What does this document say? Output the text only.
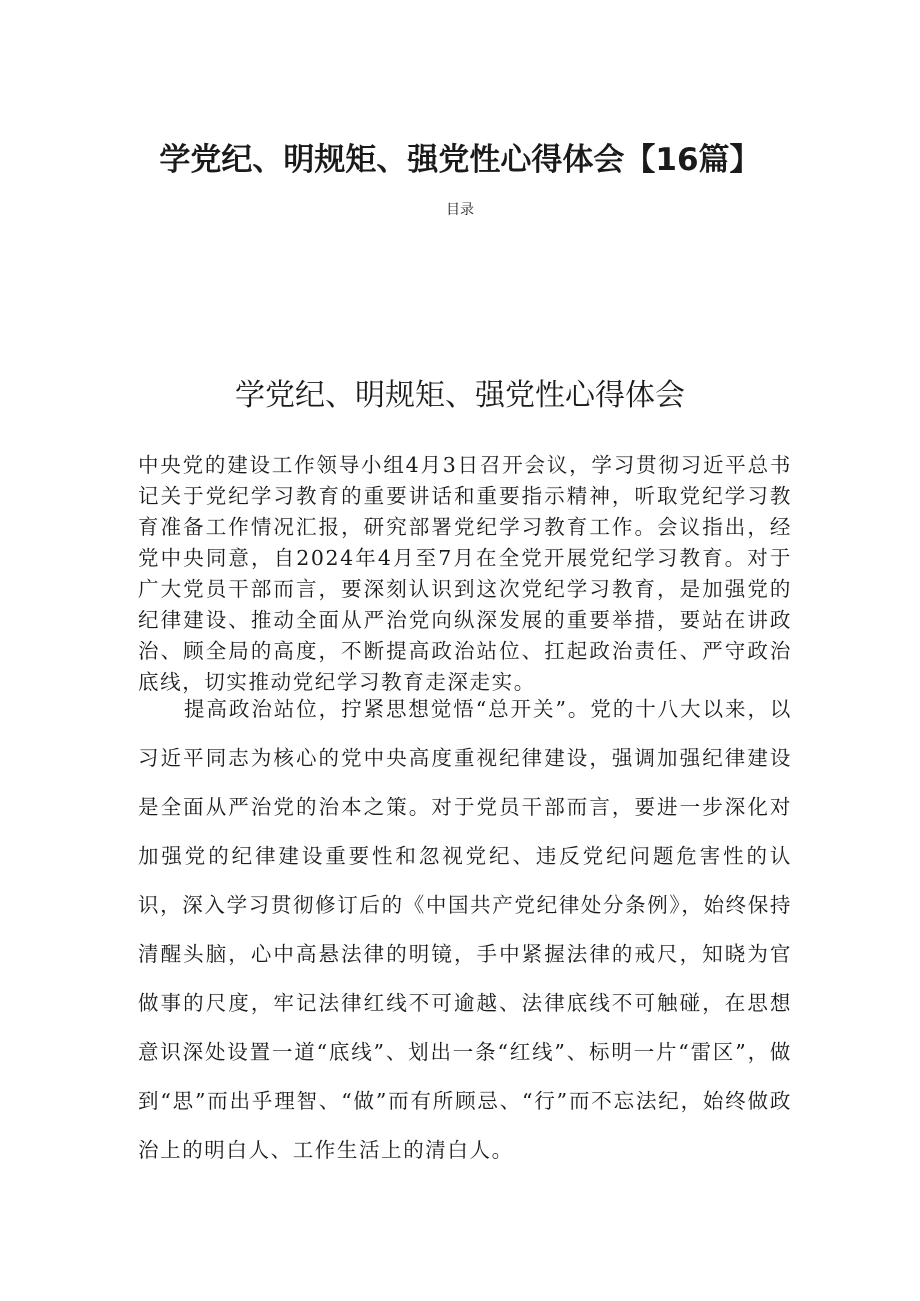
学党纪、明规矩、强党性心得体会【16篇】
目录
学党纪、明规矩、强党性心得体会

中央党的建设工作领导小组4月3日召开会议，学习贯彻习近平总书记关于党纪学习教育的重要讲话和重要指示精神，听取党纪学习教育准备工作情况汇报，研究部署党纪学习教育工作。会议指出，经党中央同意，自2024年4月至7月在全党开展党纪学习教育。对于广大党员干部而言，要深刻认识到这次党纪学习教育，是加强党的纪律建设、推动全面从严治党向纵深发展的重要举措，要站在讲政治、顾全局的高度，不断提高政治站位、扛起政治责任、严守政治底线，切实推动党纪学习教育走深走实。

提高政治站位，拧紧思想觉悟“总开关”。党的十八大以来，以习近平同志为核心的党中央高度重视纪律建设，强调加强纪律建设是全面从严治党的治本之策。对于党员干部而言，要进一步深化对加强党的纪律建设重要性和忽视党纪、违反党纪问题危害性的认识，深入学习贯彻修订后的《中国共产党纪律处分条例》，始终保持清醒头脑，心中高悬法律的明镜，手中紧握法律的戒尺，知晓为官做事的尺度，牢记法律红线不可逾越、法律底线不可触碰，在思想意识深处设置一道“底线”、划出一条“红线”、标明一片“雷区”，做到“思”而出乎理智、“做”而有所顾忌、“行”而不忘法纪，始终做政治上的明白人、工作生活上的清白人。
